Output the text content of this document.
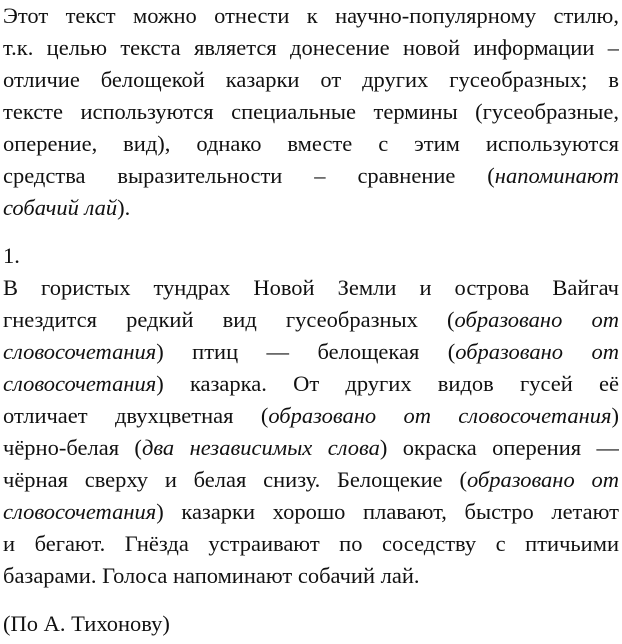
Этот текст можно отнести к научно-популярному стилю,
т.к. целью текста является донесение новой информации –
отличие белощекой казарки от других гусеобразных; в
тексте используются специальные термины (гусеобразные,
оперение, вид), однако вместе с этим используются
средства выразительности – сравнение (напоминают
собачий лай).
1.
В гористых тундрах Новой Земли и острова Вайгач
гнездится редкий вид гусеобразных (образовано от
словосочетания) птиц — белощекая (образовано от
словосочетания) казарка. От других видов гусей её
отличает двухцветная (образовано от словосочетания)
чёрно-белая (два независимых слова) окраска оперения —
чёрная сверху и белая снизу. Белощекие (образовано от
словосочетания) казарки хорошо плавают, быстро летают
и бегают. Гнёзда устраивают по соседству с птичьими
базарами. Голоса напоминают собачий лай.
(По А. Тихонову)
